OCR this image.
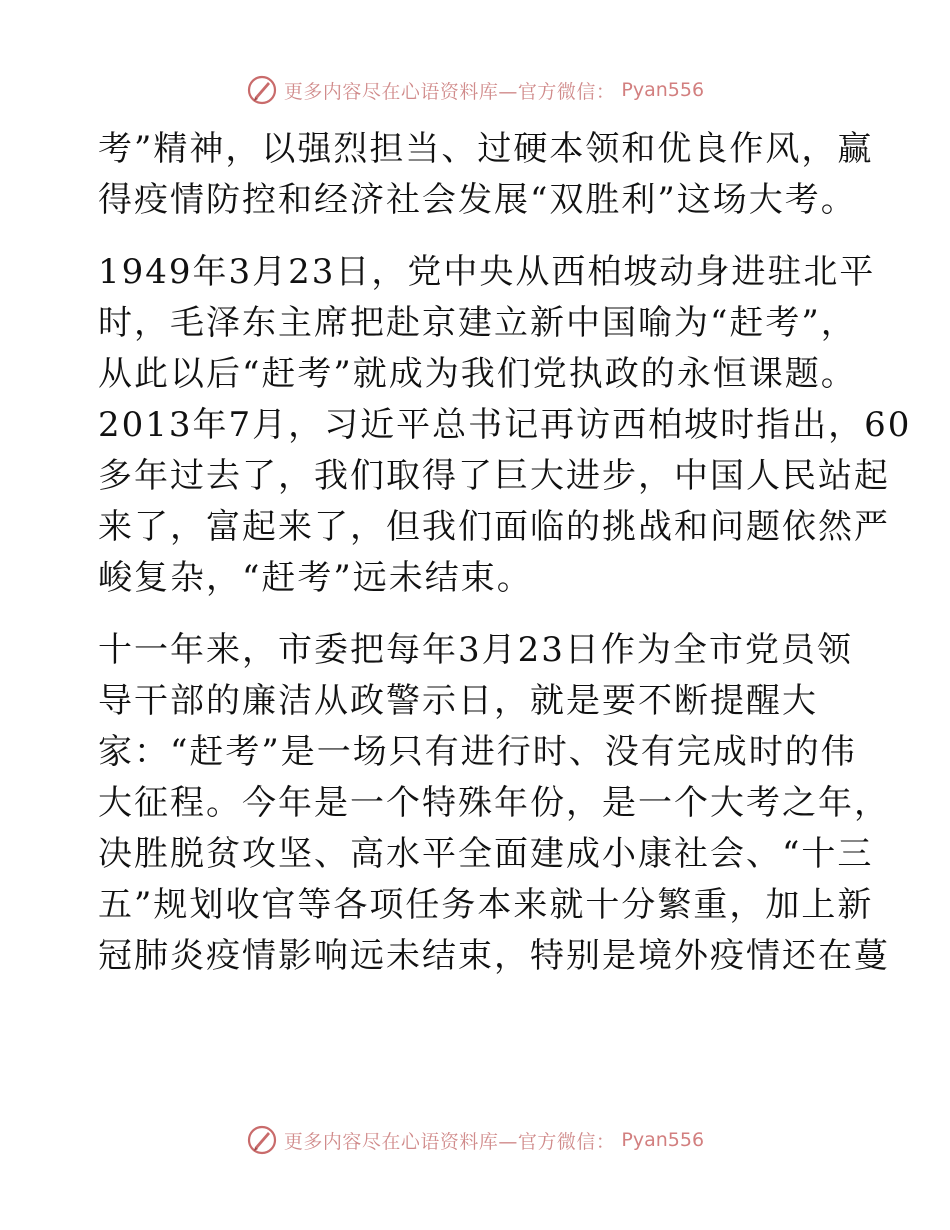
更多内容尽在心语资料库—官方微信： Pyan556

考”精神，以强烈担当、过硬本领和优良作风，赢
得疫情防控和经济社会发展“双胜利”这场大考。

1949年3月23日，党中央从西柏坡动身进驻北平
时，毛泽东主席把赴京建立新中国喻为“赶考”，
从此以后“赶考”就成为我们党执政的永恒课题。
2013年7月，习近平总书记再访西柏坡时指出，60
多年过去了，我们取得了巨大进步，中国人民站起
来了，富起来了，但我们面临的挑战和问题依然严
峻复杂，“赶考”远未结束。

十一年来，市委把每年3月23日作为全市党员领
导干部的廉洁从政警示日，就是要不断提醒大
家：“赶考”是一场只有进行时、没有完成时的伟
大征程。今年是一个特殊年份，是一个大考之年，
决胜脱贫攻坚、高水平全面建成小康社会、“十三
五”规划收官等各项任务本来就十分繁重，加上新
冠肺炎疫情影响远未结束，特别是境外疫情还在蔓

更多内容尽在心语资料库—官方微信： Pyan556
